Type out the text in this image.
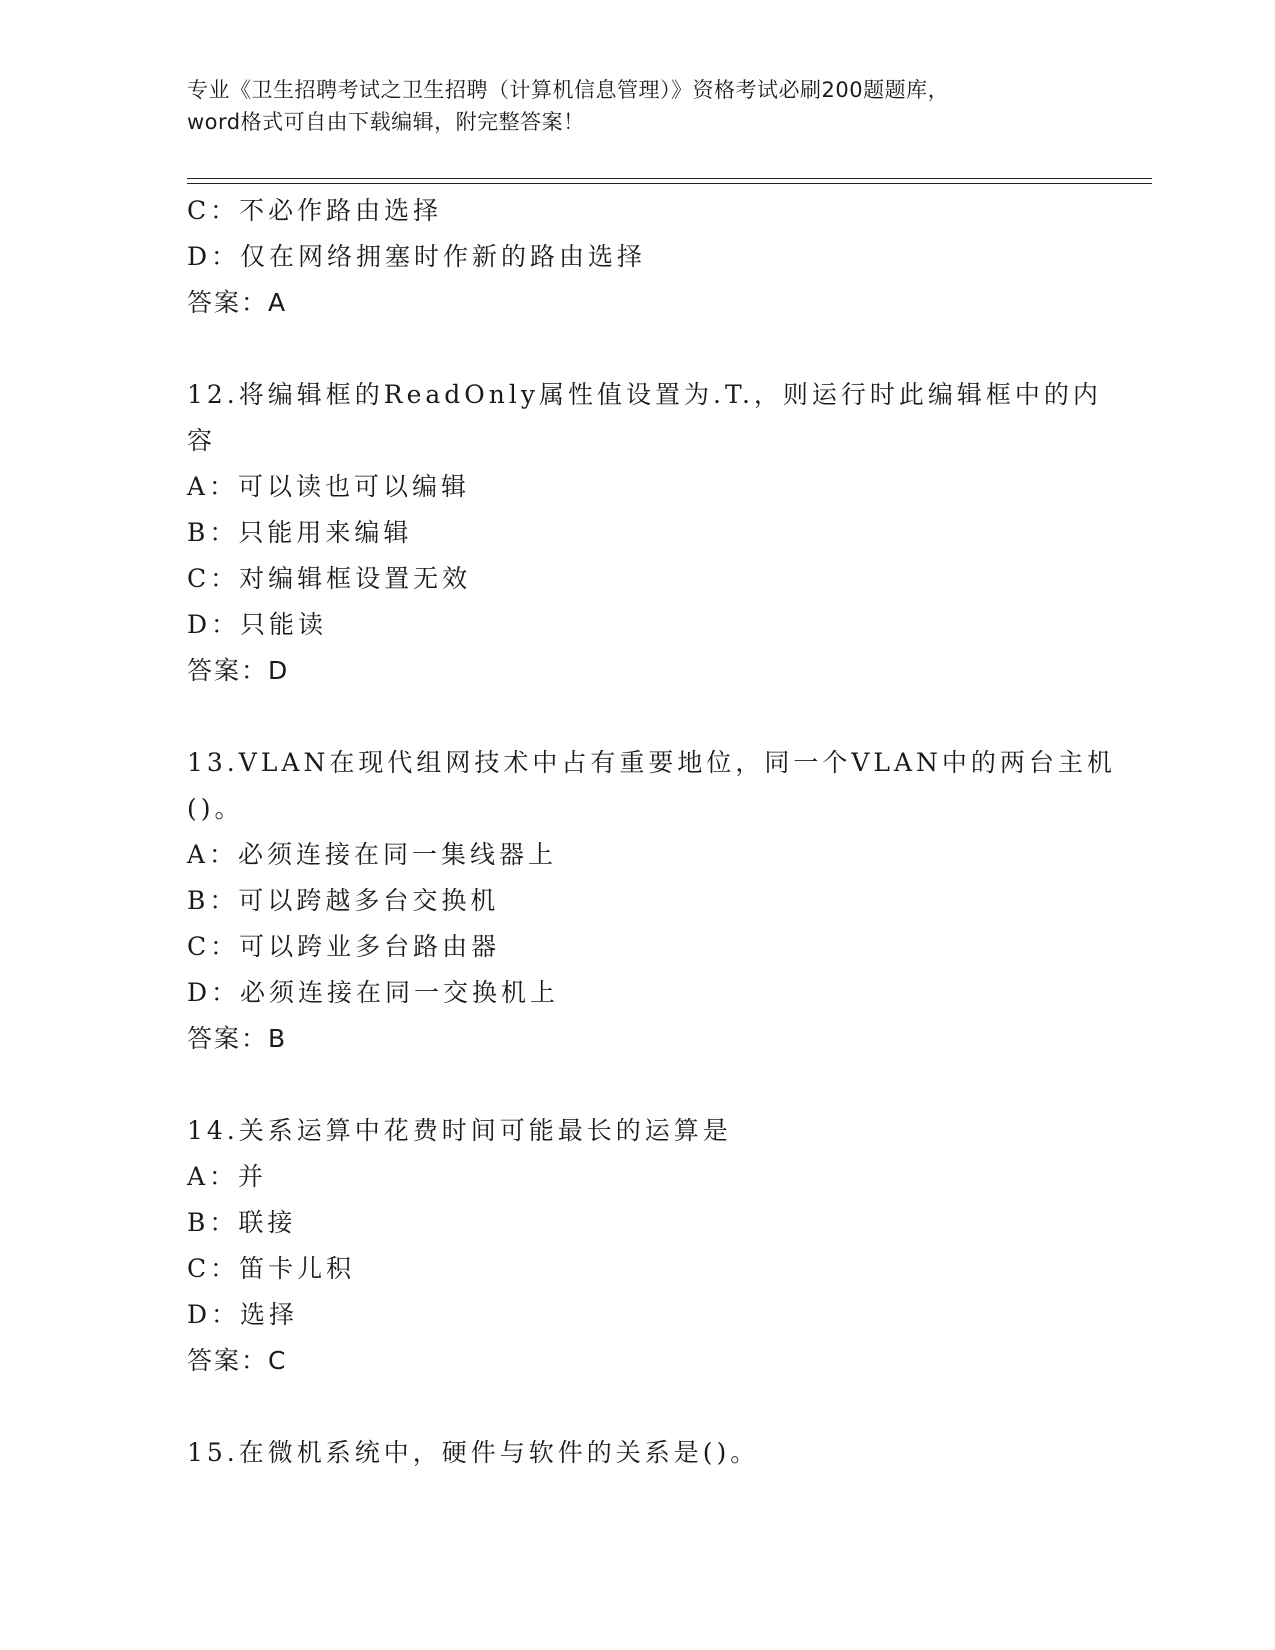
专业《卫生招聘考试之卫生招聘（计算机信息管理）》资格考试必刷200题题库，

word格式可自由下载编辑，附完整答案！

C：不必作路由选择

D：仅在网络拥塞时作新的路由选择

答案：A

12.将编辑框的ReadOnly属性值设置为.T.，则运行时此编辑框中的内

容

A：可以读也可以编辑

B：只能用来编辑

C：对编辑框设置无效

D：只能读

答案：D

13.VLAN在现代组网技术中占有重要地位，同一个VLAN中的两台主机

()。

A：必须连接在同一集线器上

B：可以跨越多台交换机

C：可以跨业多台路由器

D：必须连接在同一交换机上

答案：B

14.关系运算中花费时间可能最长的运算是

A：并

B：联接

C：笛卡儿积

D：选择

答案：C

15.在微机系统中，硬件与软件的关系是()。
